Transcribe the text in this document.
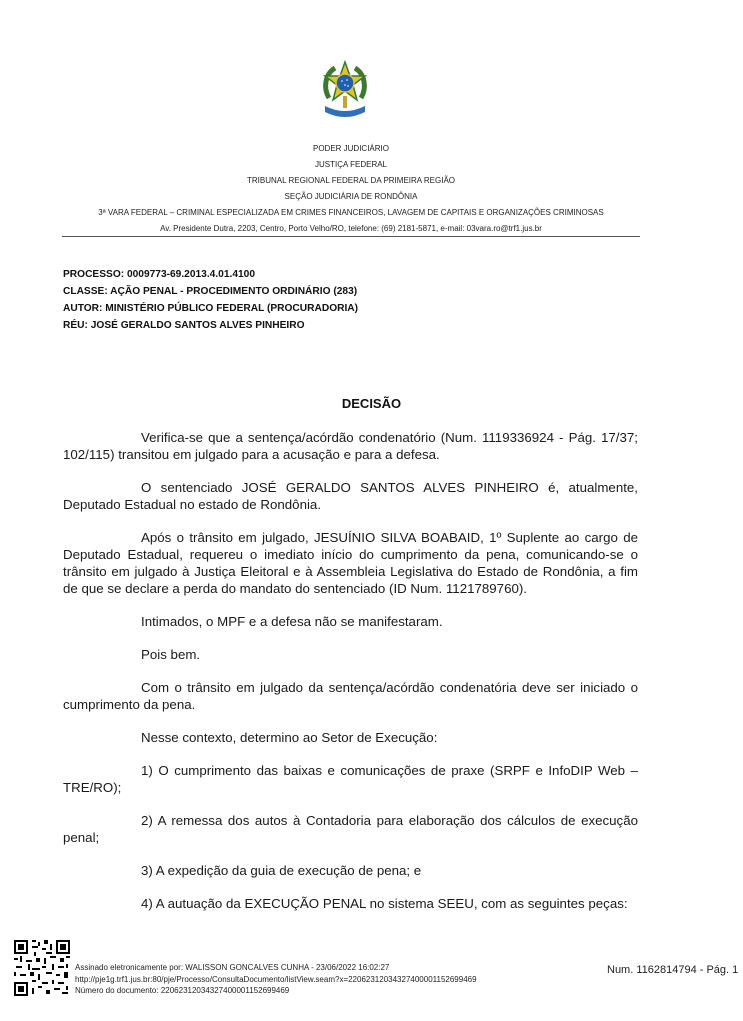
PODER JUDICIÁRIO
JUSTIÇA FEDERAL
TRIBUNAL REGIONAL FEDERAL DA PRIMEIRA REGIÃO
SEÇÃO JUDICIÁRIA DE RONDÔNIA
3ª VARA FEDERAL – CRIMINAL ESPECIALIZADA EM CRIMES FINANCEIROS, LAVAGEM DE CAPITAIS E ORGANIZAÇÕES CRIMINOSAS
Av. Presidente Dutra, 2203, Centro, Porto Velho/RO, telefone: (69) 2181-5871, e-mail: 03vara.ro@trf1.jus.br
PROCESSO: 0009773-69.2013.4.01.4100
CLASSE: AÇÃO PENAL - PROCEDIMENTO ORDINÁRIO (283)
AUTOR: MINISTÉRIO PÚBLICO FEDERAL (PROCURADORIA)
RÉU: JOSÉ GERALDO SANTOS ALVES PINHEIRO
DECISÃO

Verifica-se que a sentença/acórdão condenatório (Num. 1119336924 - Pág. 17/37; 102/115) transitou em julgado para a acusação e para a defesa.

O sentenciado JOSÉ GERALDO SANTOS ALVES PINHEIRO é, atualmente, Deputado Estadual no estado de Rondônia.

Após o trânsito em julgado, JESUÍNIO SILVA BOABAID, 1º Suplente ao cargo de Deputado Estadual, requereu o imediato início do cumprimento da pena, comunicando-se o trânsito em julgado à Justiça Eleitoral e à Assembleia Legislativa do Estado de Rondônia, a fim de que se declare a perda do mandato do sentenciado (ID Num. 1121789760).

Intimados, o MPF e a defesa não se manifestaram.

Pois bem.

Com o trânsito em julgado da sentença/acórdão condenatória deve ser iniciado o cumprimento da pena.

Nesse contexto, determino ao Setor de Execução:

1) O cumprimento das baixas e comunicações de praxe (SRPF e InfoDIP Web – TRE/RO);

2) A remessa dos autos à Contadoria para elaboração dos cálculos de execução penal;

3) A expedição da guia de execução de pena; e

4) A autuação da EXECUÇÃO PENAL no sistema SEEU, com as seguintes peças:

Assinado eletronicamente por: WALISSON GONCALVES CUNHA - 23/06/2022 16:02:27
http://pje1g.trf1.jus.br:80/pje/Processo/ConsultaDocumento/listView.seam?x=22062312034327400001152699469
Número do documento: 22062312034327400001152699469
Num. 1162814794 - Pág. 1
